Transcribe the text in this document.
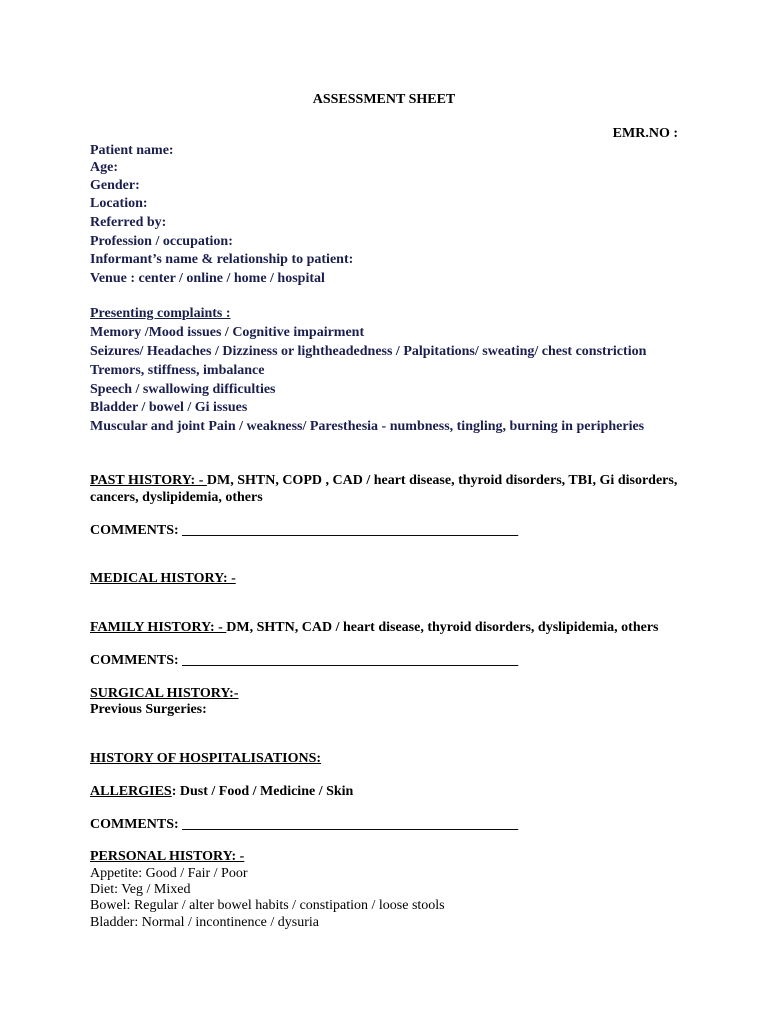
ASSESSMENT SHEET
EMR.NO :
Patient name:
Age:
Gender:
Location:
Referred by:
Profession / occupation:
Informant’s name & relationship to patient:
Venue : center / online / home / hospital
Presenting complaints :
Memory /Mood issues / Cognitive impairment
Seizures/ Headaches / Dizziness or lightheadedness / Palpitations/ sweating/ chest constriction
Tremors, stiffness, imbalance
Speech / swallowing difficulties
Bladder / bowel / Gi issues
Muscular and joint Pain / weakness/ Paresthesia - numbness, tingling, burning in peripheries
PAST HISTORY: - DM, SHTN, COPD , CAD / heart disease, thyroid disorders, TBI, Gi disorders,
cancers, dyslipidemia, others
COMMENTS: ________________________________________________
MEDICAL HISTORY: -
FAMILY HISTORY: - DM, SHTN, CAD / heart disease, thyroid disorders, dyslipidemia, others
COMMENTS: ________________________________________________
SURGICAL HISTORY:-
Previous Surgeries:
HISTORY OF HOSPITALISATIONS:
ALLERGIES: Dust / Food / Medicine / Skin
COMMENTS: ________________________________________________
PERSONAL HISTORY: -
Appetite: Good / Fair / Poor
Diet: Veg / Mixed
Bowel: Regular / alter bowel habits / constipation / loose stools
Bladder: Normal / incontinence / dysuria
